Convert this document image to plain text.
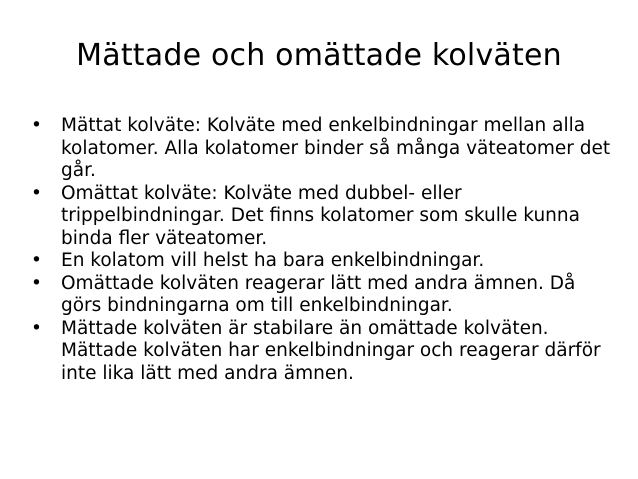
Mättade och omättade kolväten
• Mättat kolväte: Kolväte med enkelbindningar mellan alla kolatomer. Alla kolatomer binder så många väteatomer det går.
• Omättat kolväte: Kolväte med dubbel- eller trippelbindningar. Det finns kolatomer som skulle kunna binda fler väteatomer.
• En kolatom vill helst ha bara enkelbindningar.
• Omättade kolväten reagerar lätt med andra ämnen. Då görs bindningarna om till enkelbindningar.
• Mättade kolväten är stabilare än omättade kolväten. Mättade kolväten har enkelbindningar och reagerar därför inte lika lätt med andra ämnen.
